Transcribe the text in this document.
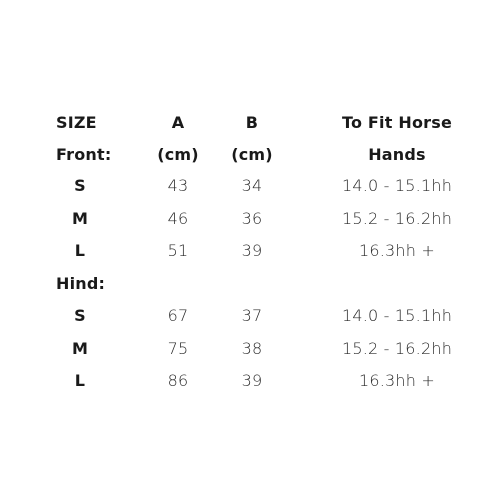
SIZE	A	B	To Fit Horse
Front:	(cm)	(cm)	Hands
S	43	34	14.0 - 15.1hh
M	46	36	15.2 - 16.2hh
L	51	39	16.3hh +
Hind:
S	67	37	14.0 - 15.1hh
M	75	38	15.2 - 16.2hh
L	86	39	16.3hh +
